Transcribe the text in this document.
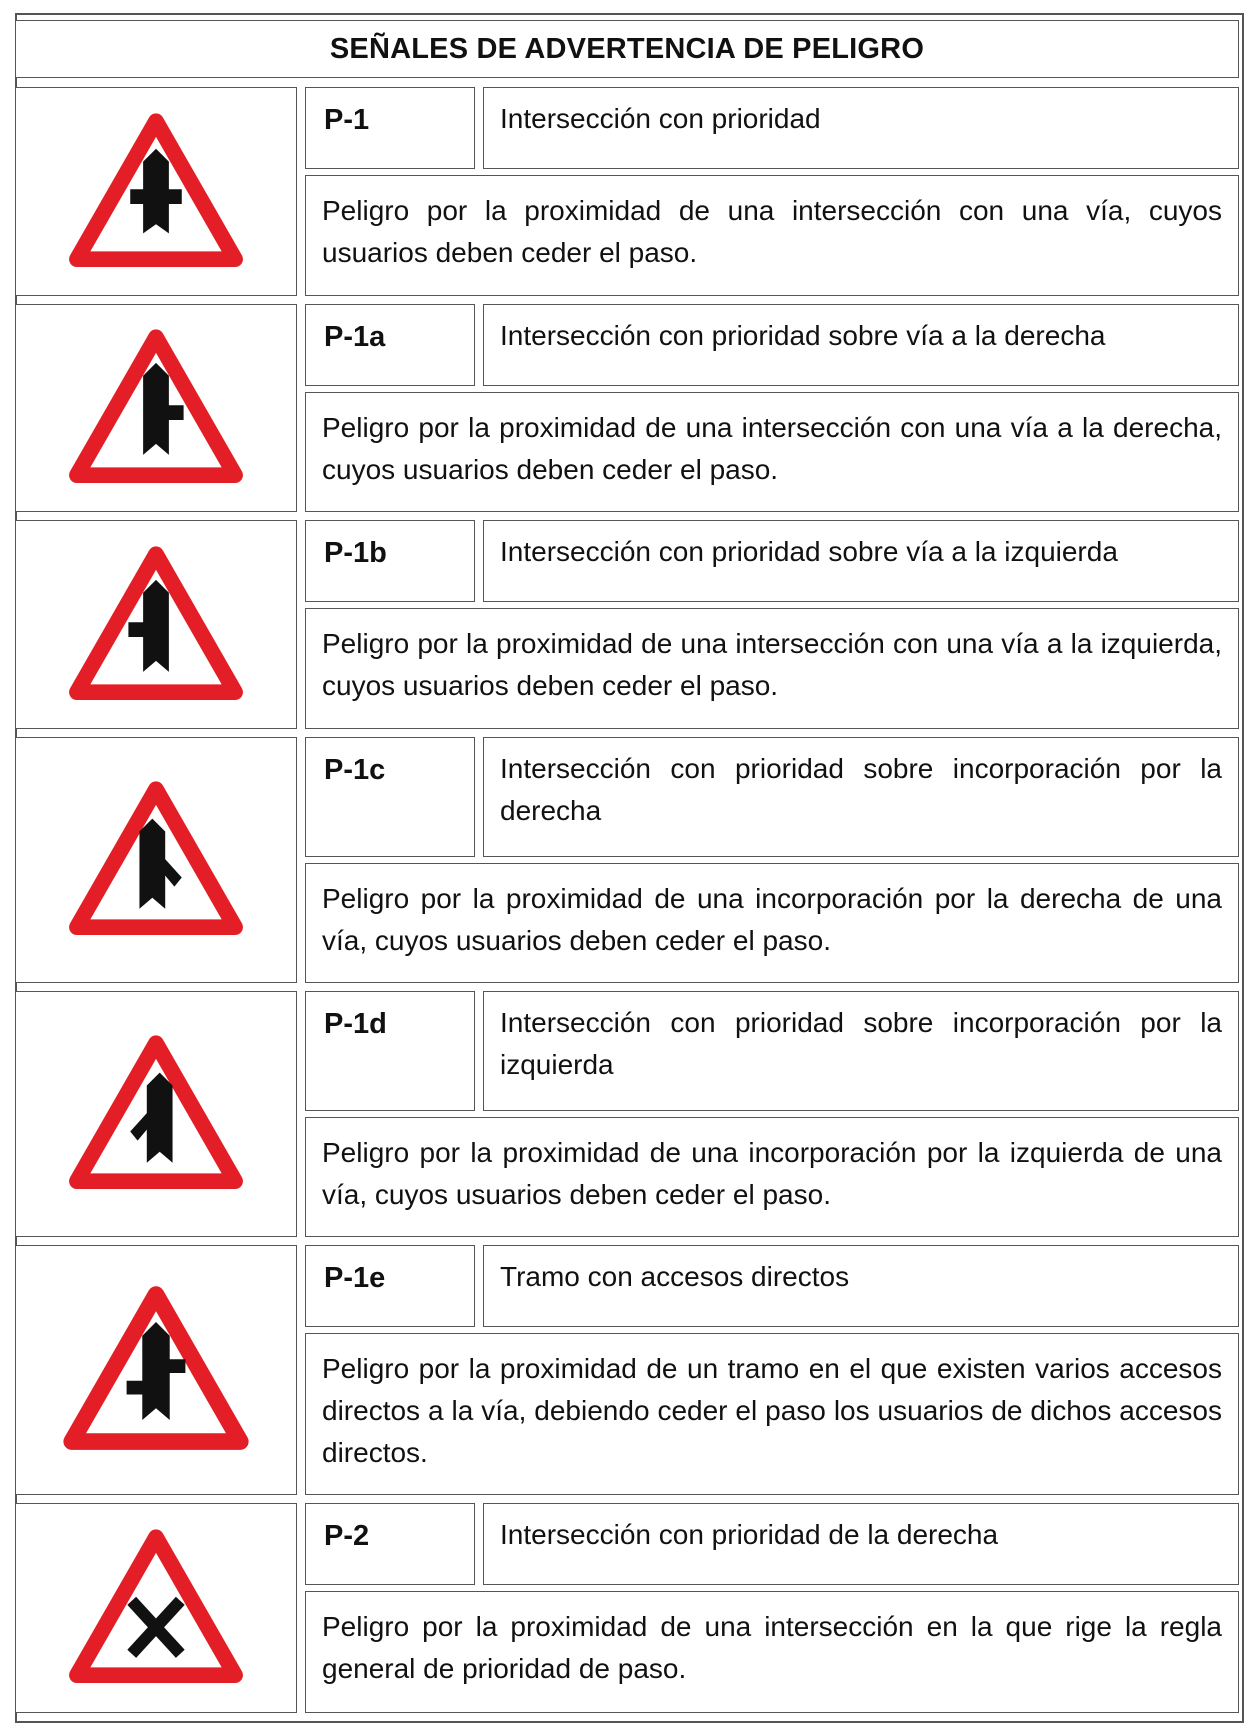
SEÑALES DE ADVERTENCIA DE PELIGRO
P-1	Intersección con prioridad
Peligro por la proximidad de una intersección con una vía, cuyos usuarios deben ceder el paso.
P-1a	Intersección con prioridad sobre vía a la derecha
Peligro por la proximidad de una intersección con una vía a la derecha, cuyos usuarios deben ceder el paso.
P-1b	Intersección con prioridad sobre vía a la izquierda
Peligro por la proximidad de una intersección con una vía a la izquierda, cuyos usuarios deben ceder el paso.
P-1c	Intersección con prioridad sobre incorporación por la derecha
Peligro por la proximidad de una incorporación por la derecha de una vía, cuyos usuarios deben ceder el paso.
P-1d	Intersección con prioridad sobre incorporación por la izquierda
Peligro por la proximidad de una incorporación por la izquierda de una vía, cuyos usuarios deben ceder el paso.
P-1e	Tramo con accesos directos
Peligro por la proximidad de un tramo en el que existen varios accesos directos a la vía, debiendo ceder el paso los usuarios de dichos accesos directos.
P-2	Intersección con prioridad de la derecha
Peligro por la proximidad de una intersección en la que rige la regla general de prioridad de paso.
